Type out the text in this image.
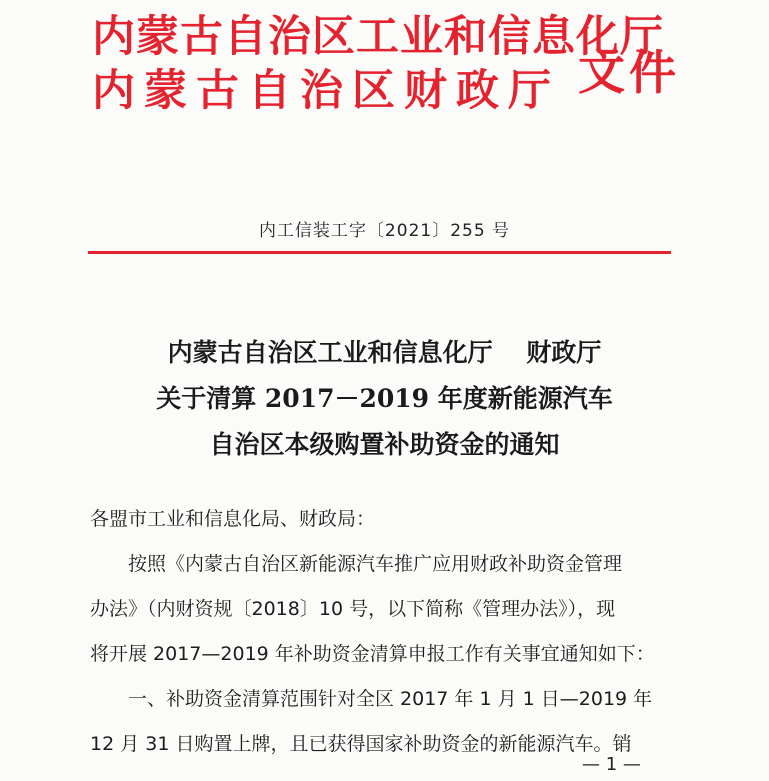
内蒙古自治区工业和信息化厅
内蒙古自治区财政厅 文件
内工信装工字〔2021〕255 号
内蒙古自治区工业和信息化厅　 财政厅
关于清算 2017－2019 年度新能源汽车
自治区本级购置补助资金的通知

各盟市工业和信息化局、财政局：

按照《内蒙古自治区新能源汽车推广应用财政补助资金管理

办法》（内财资规〔2018〕10 号，以下简称《管理办法》），现

将开展 2017—2019 年补助资金清算申报工作有关事宜通知如下：

一、补助资金清算范围针对全区 2017 年 1 月 1 日—2019 年

12 月 31 日购置上牌，且已获得国家补助资金的新能源汽车。销

— 1 —
